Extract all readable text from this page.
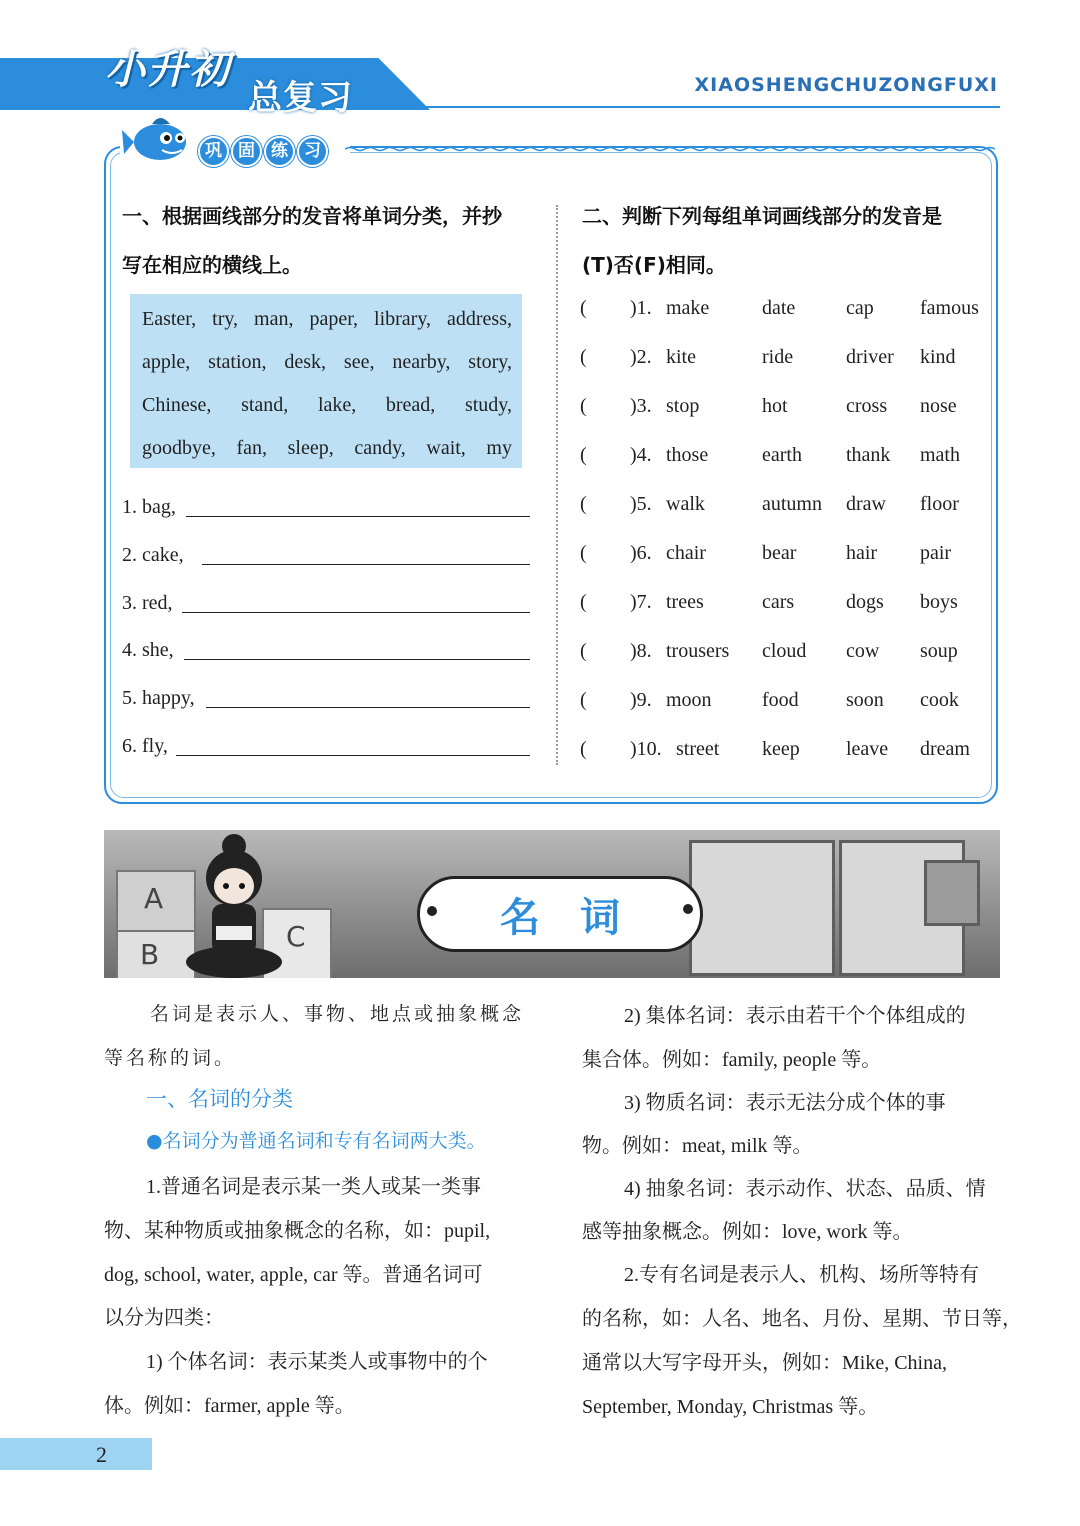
小升初
总复习	XIAOSHENGCHUZONGFUXI
巩 固 练 习
一、根据画线部分的发音将单词分类，并抄
写在相应的横线上。
Easter, try, man, paper, library, address,
apple, station, desk, see, nearby, story,
Chinese, stand, lake, bread, study,
goodbye, fan, sleep, candy, wait, my
1. bag,
2. cake,
3. red,
4. she,
5. happy,
6. fly,
二、判断下列每组单词画线部分的发音是
(T)否(F)相同。
( )1. make	date	cap famous
( )2. kite	ride	driver kind
( )3. stop	hot	cross nose
( )4. those	earth thank math
( )5. walk	autumn draw floor
( )6. chair	bear hair pair
( )7. trees	cars	dogs boys
( )8. trousers cloud cow soup
( )9. moon	food soon cook
( )10. street keep leave dream
A
B
C	名词
名词是表示人、事物、地点或抽象概念
等名称的词。
一、名词的分类
●名词分为普通名词和专有名词两大类。
1.普通名词是表示某一类人或某一类事
物、某种物质或抽象概念的名称，如：pupil,
dog, school, water, apple, car 等。普通名词可
以分为四类：
1) 个体名词：表示某类人或事物中的个
体。例如：farmer, apple 等。
2) 集体名词：表示由若干个个体组成的
集合体。例如：family, people 等。
3) 物质名词：表示无法分成个体的事
物。例如：meat, milk 等。
4) 抽象名词：表示动作、状态、品质、情
感等抽象概念。例如：love, work 等。
2.专有名词是表示人、机构、场所等特有
的名称，如：人名、地名、月份、星期、节日等，
通常以大写字母开头，例如：Mike, China,
September, Monday, Christmas 等。
2
